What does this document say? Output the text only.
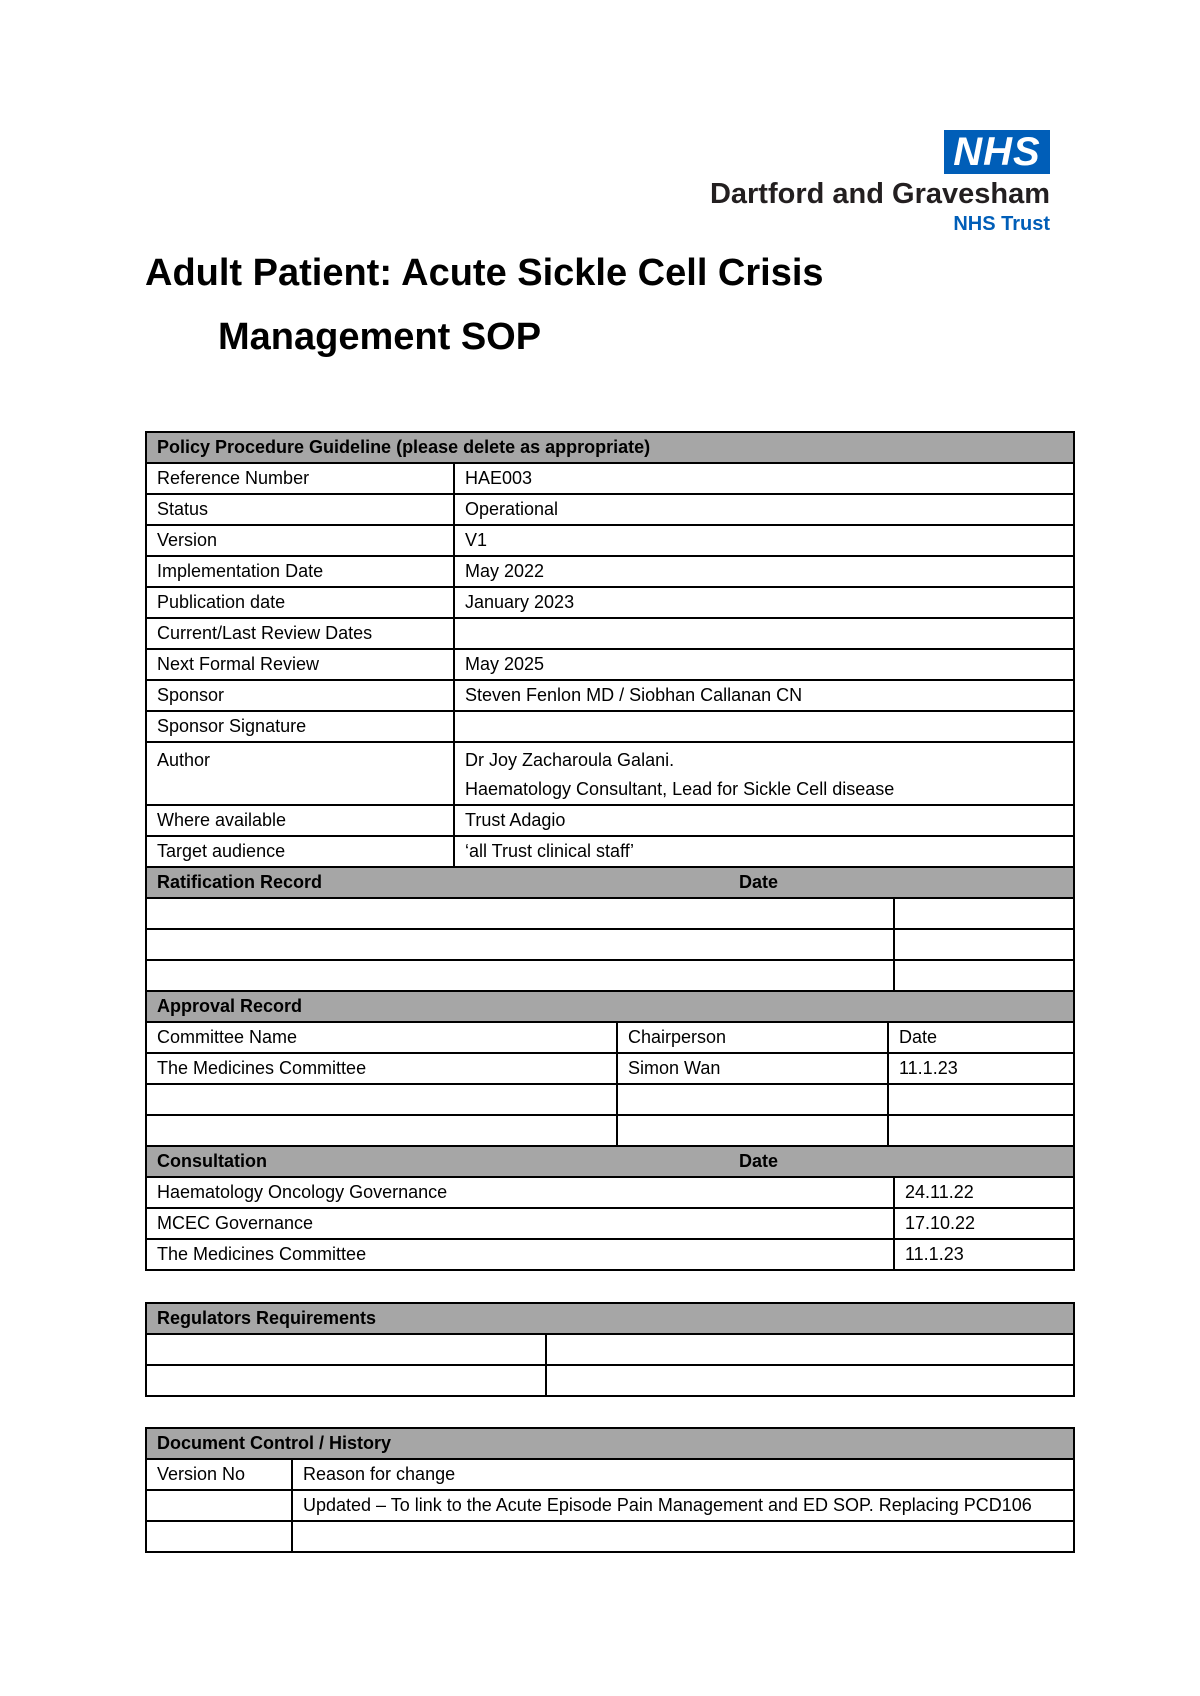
NHS
Dartford and Gravesham
NHS Trust
Adult Patient: Acute Sickle Cell Crisis
Management SOP
Policy Procedure Guideline (please delete as appropriate)				
Reference Number	HAE003			
Status	Operational			
Version	V1			
Implementation Date	May 2022			
Publication date	January 2023			
Current/Last Review Dates				
Next Formal Review	May 2025			
Sponsor	Steven Fenlon MD / Siobhan Callanan CN			
Sponsor Signature				
Author	Dr Joy Zacharoula Galani.
Haematology Consultant, Lead for Sickle Cell disease			

Where available	Trust Adagio			
Target audience	‘all Trust clinical staff’			

Ratification Record Date				

Approval Record				
Committee Name		Chairperson	Date	
The Medicines Committee		Simon Wan	11.1.23	

Consultation Date				

Haematology Oncology Governance				24.11.22
MCEC Governance				17.10.22
The Medicines Committee				11.1.23
Regulators Requirements	

Document Control / History	
Version No	Reason for change
	Updated – To link to the Acute Episode Pain Management and ED SOP. Replacing PCD106
